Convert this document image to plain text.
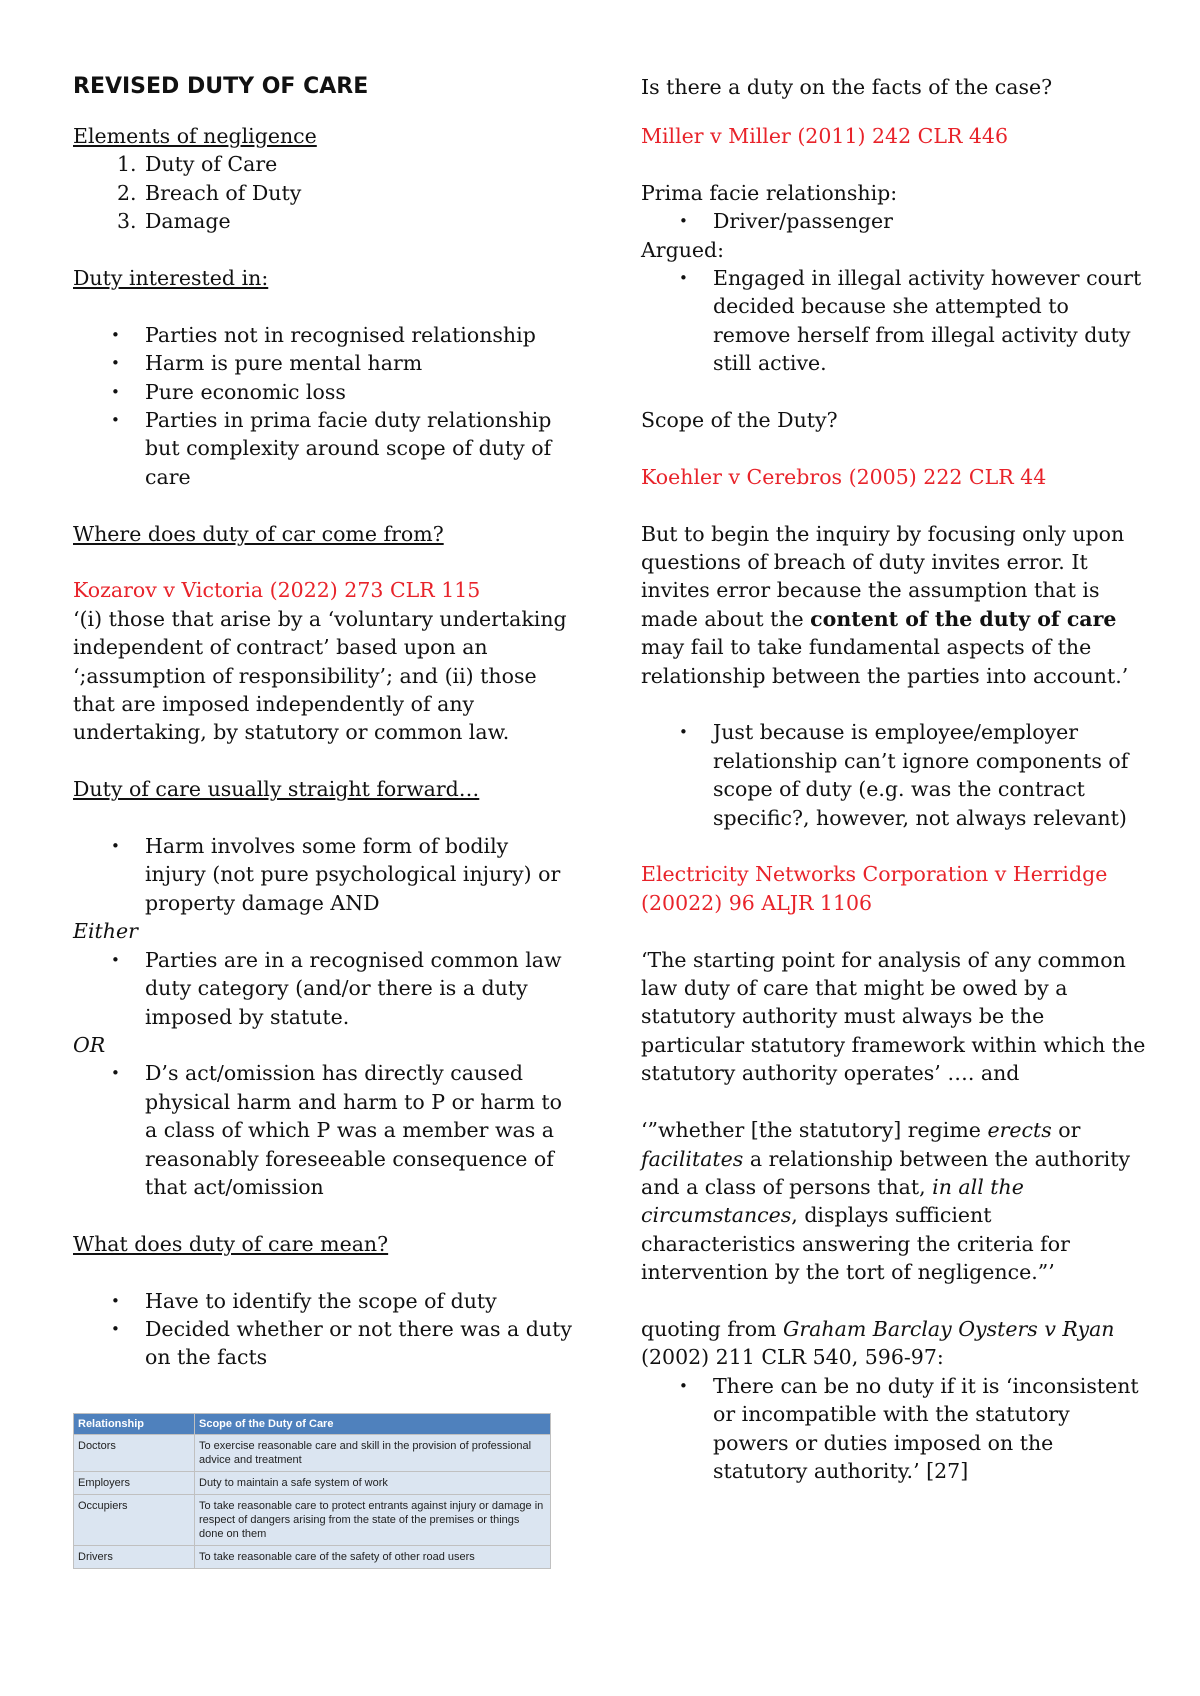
REVISED DUTY OF CARE

Elements of negligence

1. Duty of Care
2. Breach of Duty
3. Damage

Duty interested in:

• Parties not in recognised relationship
• Harm is pure mental harm
• Pure economic loss
• Parties in prima facie duty relationship but complexity around scope of duty of care

Where does duty of car come from?

Kozarov v Victoria (2022) 273 CLR 115

‘(i) those that arise by a ‘voluntary undertaking independent of contract’ based upon an ‘;assumption of responsibility’; and (ii) those that are imposed independently of any undertaking, by statutory or common law.

Duty of care usually straight forward…

• Harm involves some form of bodily injury (not pure psychological injury) or property damage AND

Either

• Parties are in a recognised common law duty category (and/or there is a duty imposed by statute.

OR

• D’s act/omission has directly caused physical harm and harm to P or harm to a class of which P was a member was a reasonably foreseeable consequence of that act/omission

What does duty of care mean?

• Have to identify the scope of duty
• Decided whether or not there was a duty on the facts
Relationship	Scope of the Duty of Care
Doctors	To exercise reasonable care and skill in the provision of professional advice and treatment
Employers	Duty to maintain a safe system of work
Occupiers	To take reasonable care to protect entrants against injury or damage in respect of dangers arising from the state of the premises or things done on them
Drivers	To take reasonable care of the safety of other road users

Is there a duty on the facts of the case?

Miller v Miller (2011) 242 CLR 446

Prima facie relationship:

• Driver/passenger

Argued:

• Engaged in illegal activity however court decided because she attempted to remove herself from illegal activity duty still active.

Scope of the Duty?

Koehler v Cerebros (2005) 222 CLR 44

But to begin the inquiry by focusing only upon questions of breach of duty invites error. It invites error because the assumption that is made about the content of the duty of care may fail to take fundamental aspects of the relationship between the parties into account.’

• Just because is employee/employer relationship can’t ignore components of scope of duty (e.g. was the contract specific?, however, not always relevant)

Electricity Networks Corporation v Herridge (20022) 96 ALJR 1106

‘The starting point for analysis of any common law duty of care that might be owed by a statutory authority must always be the particular statutory framework within which the statutory authority operates’ …. and

‘”whether [the statutory] regime erects or facilitates a relationship between the authority and a class of persons that, in all the circumstances, displays sufficient characteristics answering the criteria for intervention by the tort of negligence.”’

quoting from Graham Barclay Oysters v Ryan (2002) 211 CLR 540, 596-97:

• There can be no duty if it is ‘inconsistent or incompatible with the statutory powers or duties imposed on the statutory authority.’ [27]
